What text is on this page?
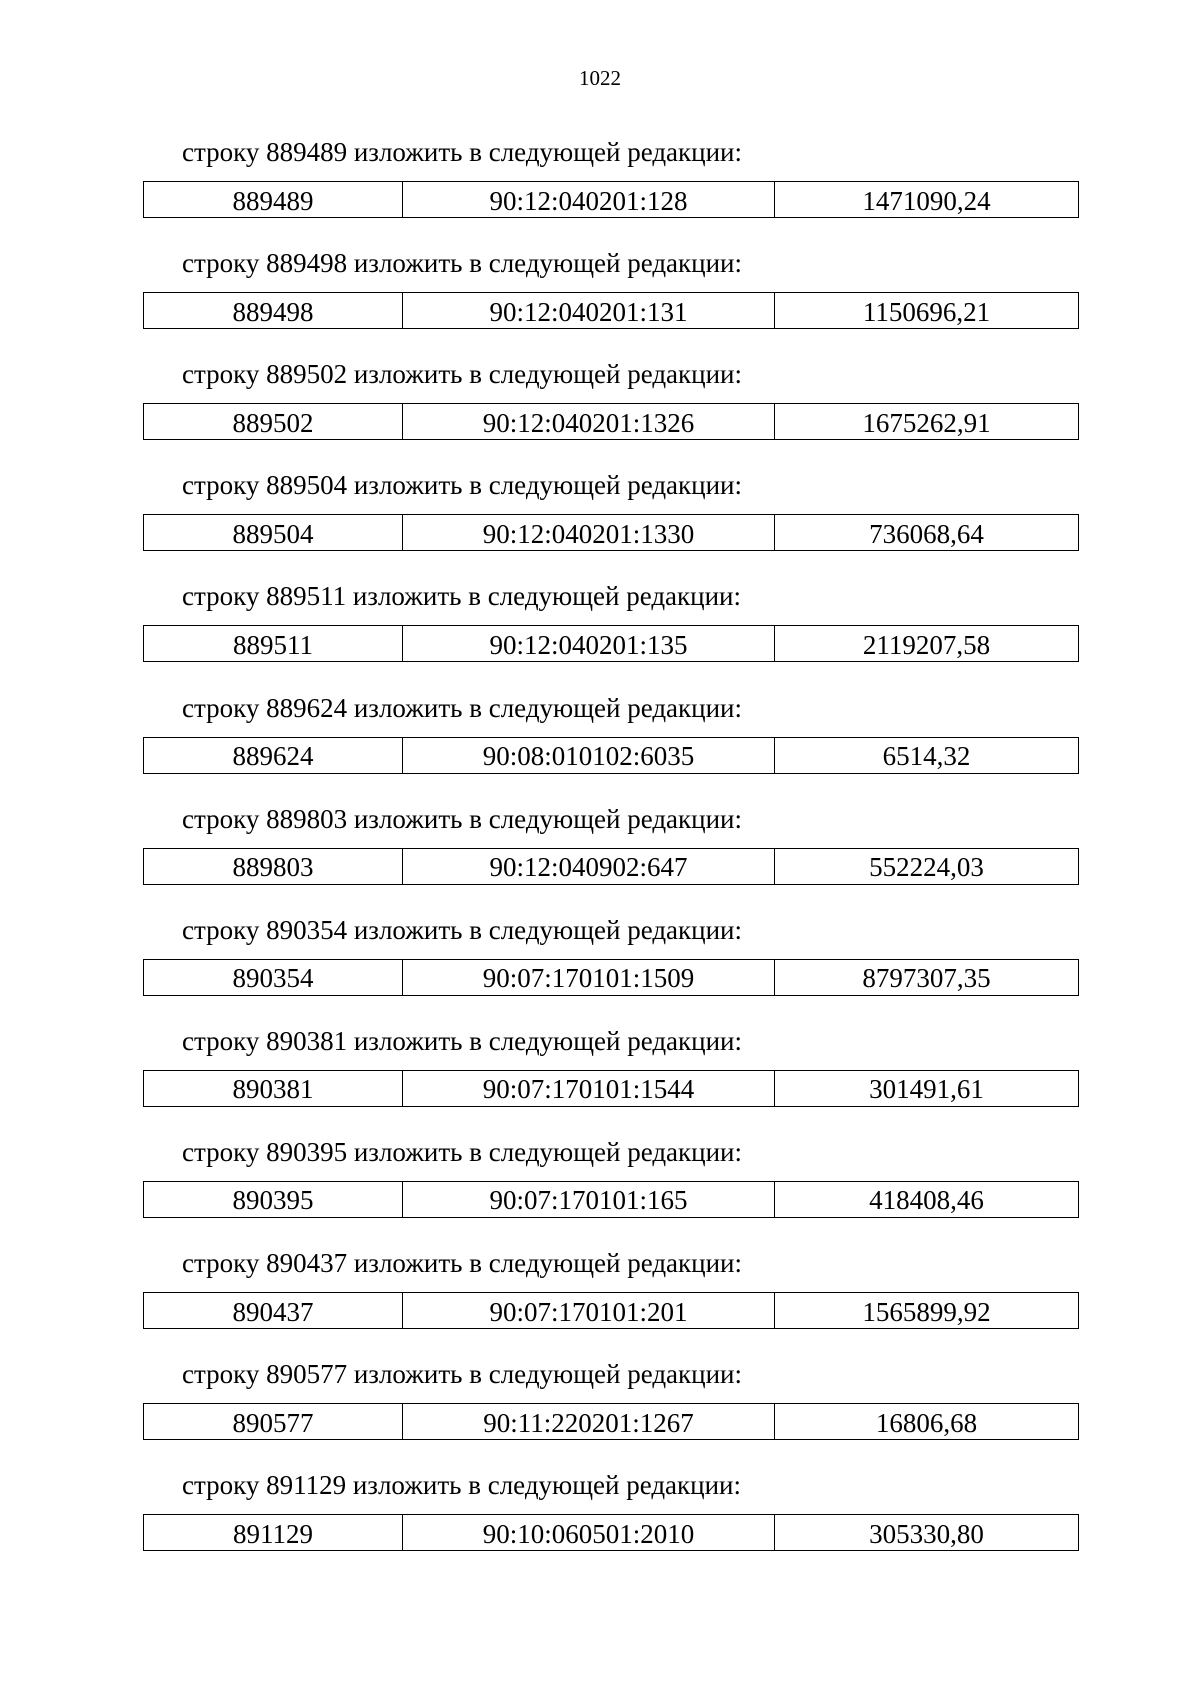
1022
строку 889489 изложить в следующей редакции:
889489	90:12:040201:128	1471090,24
строку 889498 изложить в следующей редакции:
889498	90:12:040201:131	1150696,21
строку 889502 изложить в следующей редакции:
889502	90:12:040201:1326	1675262,91
строку 889504 изложить в следующей редакции:
889504	90:12:040201:1330	736068,64
строку 889511 изложить в следующей редакции:
889511	90:12:040201:135	2119207,58
строку 889624 изложить в следующей редакции:
889624	90:08:010102:6035	6514,32
строку 889803 изложить в следующей редакции:
889803	90:12:040902:647	552224,03
строку 890354 изложить в следующей редакции:
890354	90:07:170101:1509	8797307,35
строку 890381 изложить в следующей редакции:
890381	90:07:170101:1544	301491,61
строку 890395 изложить в следующей редакции:
890395	90:07:170101:165	418408,46
строку 890437 изложить в следующей редакции:
890437	90:07:170101:201	1565899,92
строку 890577 изложить в следующей редакции:
890577	90:11:220201:1267	16806,68
строку 891129 изложить в следующей редакции:
891129	90:10:060501:2010	305330,80
